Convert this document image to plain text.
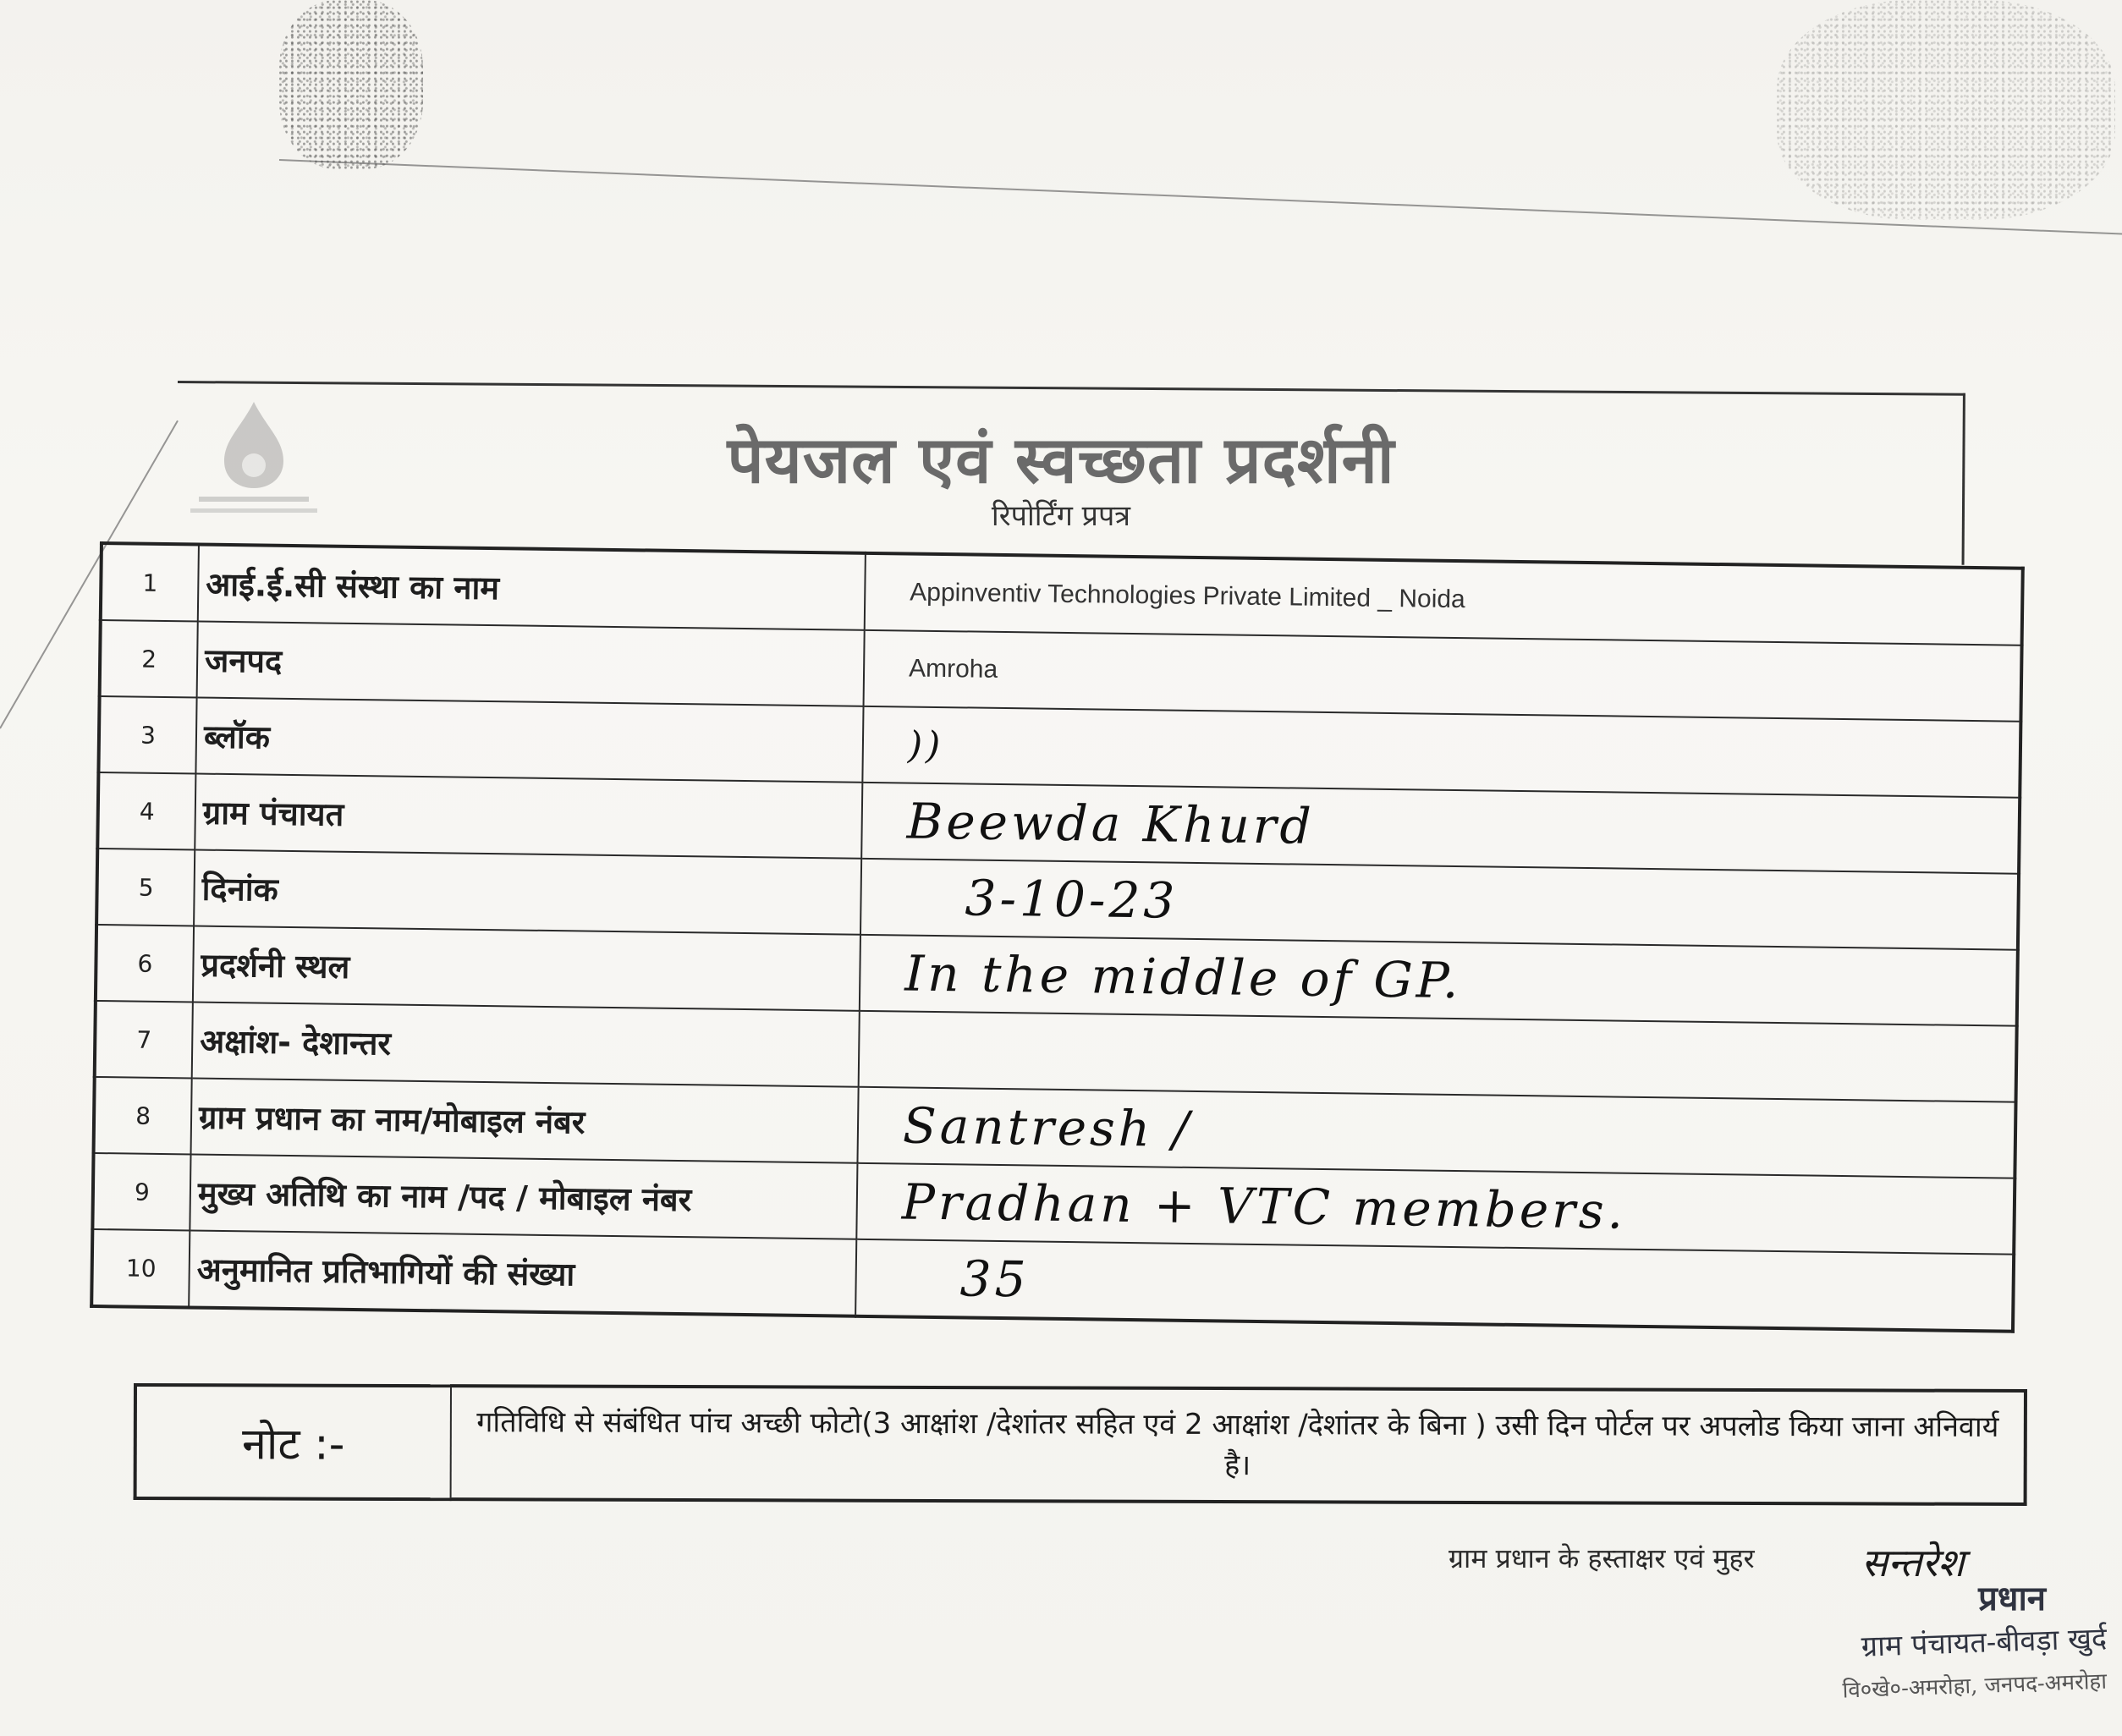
पेयजल एवं स्वच्छता प्रदर्शनी
रिपोर्टिंग प्रपत्र
1	आई.ई.सी संस्था का नाम	Appinventiv Technologies Private Limited _ Noida
2	जनपद	Amroha
3	ब्लॉक	))
4	ग्राम पंचायत	Beewda Khurd
5	दिनांक	3-10-23
6	प्रदर्शनी स्थल	In the middle of GP.
7	अक्षांश- देशान्तर	
8	ग्राम प्रधान का नाम/मोबाइल नंबर	Santresh /
9	मुख्य अतिथि का नाम /पद / मोबाइल नंबर	Pradhan + VTC members.
10	अनुमानित प्रतिभागियों की संख्या	35
नोट :-	गतिविधि से संबंधित पांच अच्छी फोटो(3 आक्षांश /देशांतर सहित एवं 2 आक्षांश /देशांतर के बिना ) उसी दिन पोर्टल पर अपलोड किया जाना अनिवार्य है।
ग्राम प्रधान के हस्ताक्षर एवं मुहर	सन्तरेश
प्रधान
ग्राम पंचायत-बीवड़ा खुर्द
वि०खे०-अमरोहा, जनपद-अमरोहा
